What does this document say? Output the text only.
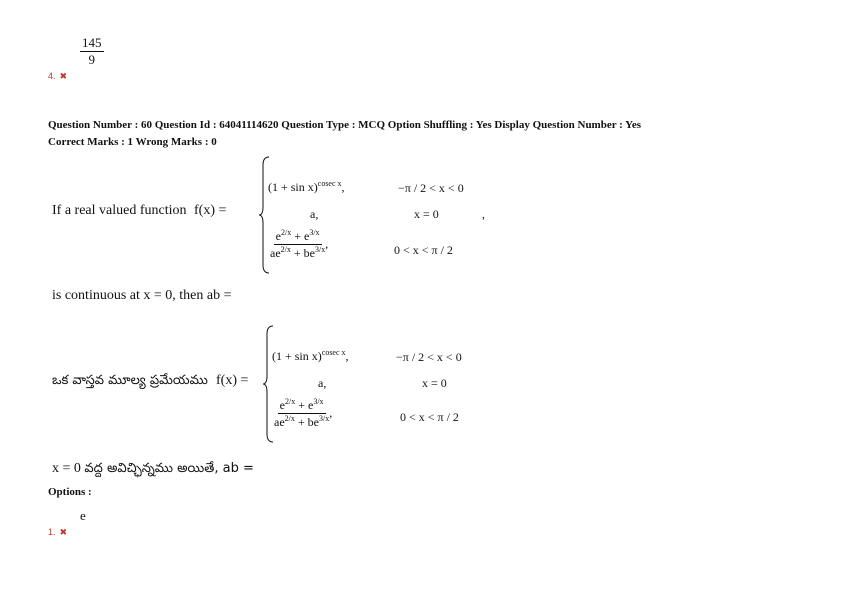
$\frac{145}{9}$
4. ✖
Question Number : 60 Question Id : 64041114620 Question Type : MCQ Option Shuffling : Yes Display Question Number : Yes
Correct Marks : 1 Wrong Marks : 0
If a real valued function f(x) =
$(1 + \sin x)^{cosec x}$,	−π / 2 < x < 0
a,	x = 0
$\frac{e^{2/x} + e^{3/x}}{ae^{2/x} + be^{3/x}}$ ,	0 < x < π / 2
,
is continuous at x = 0, then ab =
ఒక వాస్తవ మూల్య ప్రమేయము f(x) =
$(1 + \sin x)^{cosec x}$,	−π / 2 < x < 0
a,	x = 0
$\frac{e^{2/x} + e^{3/x}}{ae^{2/x} + be^{3/x}}$ ,	0 < x < π / 2
x = 0 వద్ద అవిచ్ఛిన్నము అయితే, ab =
Options :
e
1. ✖
